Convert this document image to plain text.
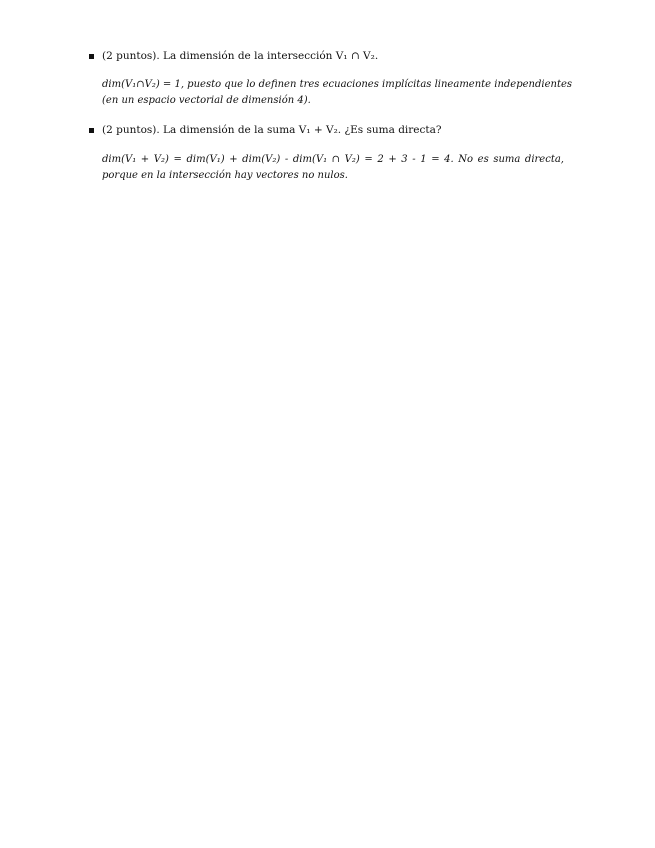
(2 puntos). La dimensión de la intersección V₁ ∩ V₂.
dim(V₁∩V₂) = 1, puesto que lo definen tres ecuaciones implícitas lineamente independientes
(en un espacio vectorial de dimensión 4).
(2 puntos). La dimensión de la suma V₁ + V₂. ¿Es suma directa?
dim(V₁ + V₂) = dim(V₁) + dim(V₂) - dim(V₁ ∩ V₂) = 2 + 3 - 1 = 4. No es suma directa,
porque en la intersección hay vectores no nulos.
